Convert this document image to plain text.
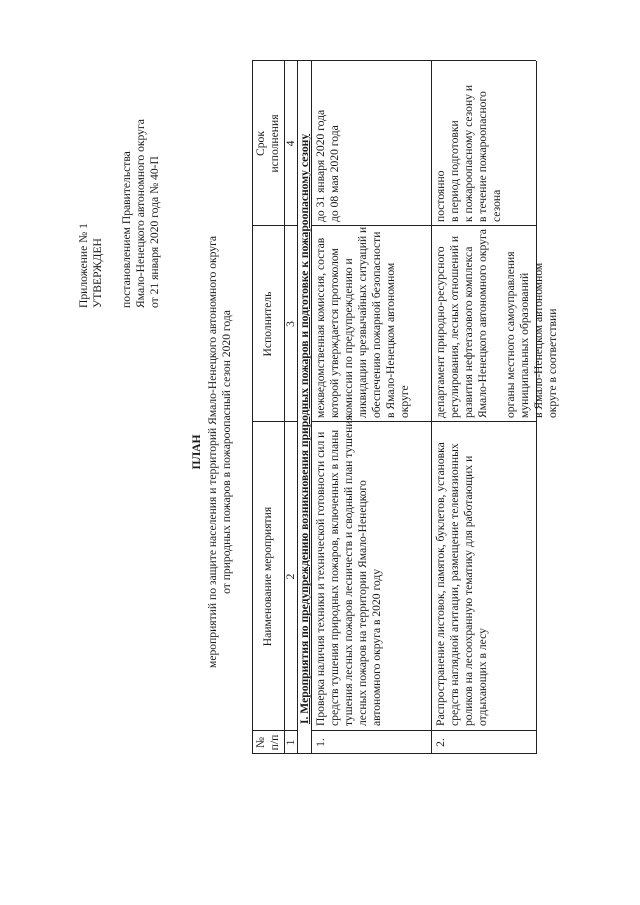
Приложение № 1 УТВЕРЖДЕН постановлением Правительства Ямало-Ненецкого автономного округа от 21 января 2020 года № 40-П
ПЛАН мероприятий по защите населения и территорий Ямало-Ненецкого автономного округа от природных пожаров в пожароопасный сезон 2020 года
№ п/п
Наименование мероприятия
Исполнитель
Срок исполнения
1
2
3
4 I. Мероприятия по предупреждению возникновения природных пожаров и подготовке к пожароопасному сезону
1.
Проверка наличия техники и технической готовности сил и средств тушения природных пожаров, включенных в планы тушения лесных пожаров лесничеств и сводный план тушения лесных пожаров на территории Ямало-Ненецкого автономного округа в 2020 году
межведомственная комиссия, состав которой утверждается протоколом комиссии по предупреждению и ликвидации чрезвычайных ситуаций и обеспечению пожарной безопасности в Ямало-Ненецком автономном округе
до 31 января 2020 года до 08 мая 2020 года
2.
Распространение листовок, памяток, буклетов, установка средств наглядной агитации, размещение телевизионных роликов на лесоохранную тематику для работающих и отдыхающих в лесу
департамент природно-ресурсного регулирования, лесных отношений и развития нефтегазового комплекса Ямало-Ненецкого автономного округа органы местного самоуправления муниципальных образований в Ямало-Ненецком автономном округе в соответствии
постоянно в период подготовки к пожароопасному сезону и в течение пожароопасного сезона
